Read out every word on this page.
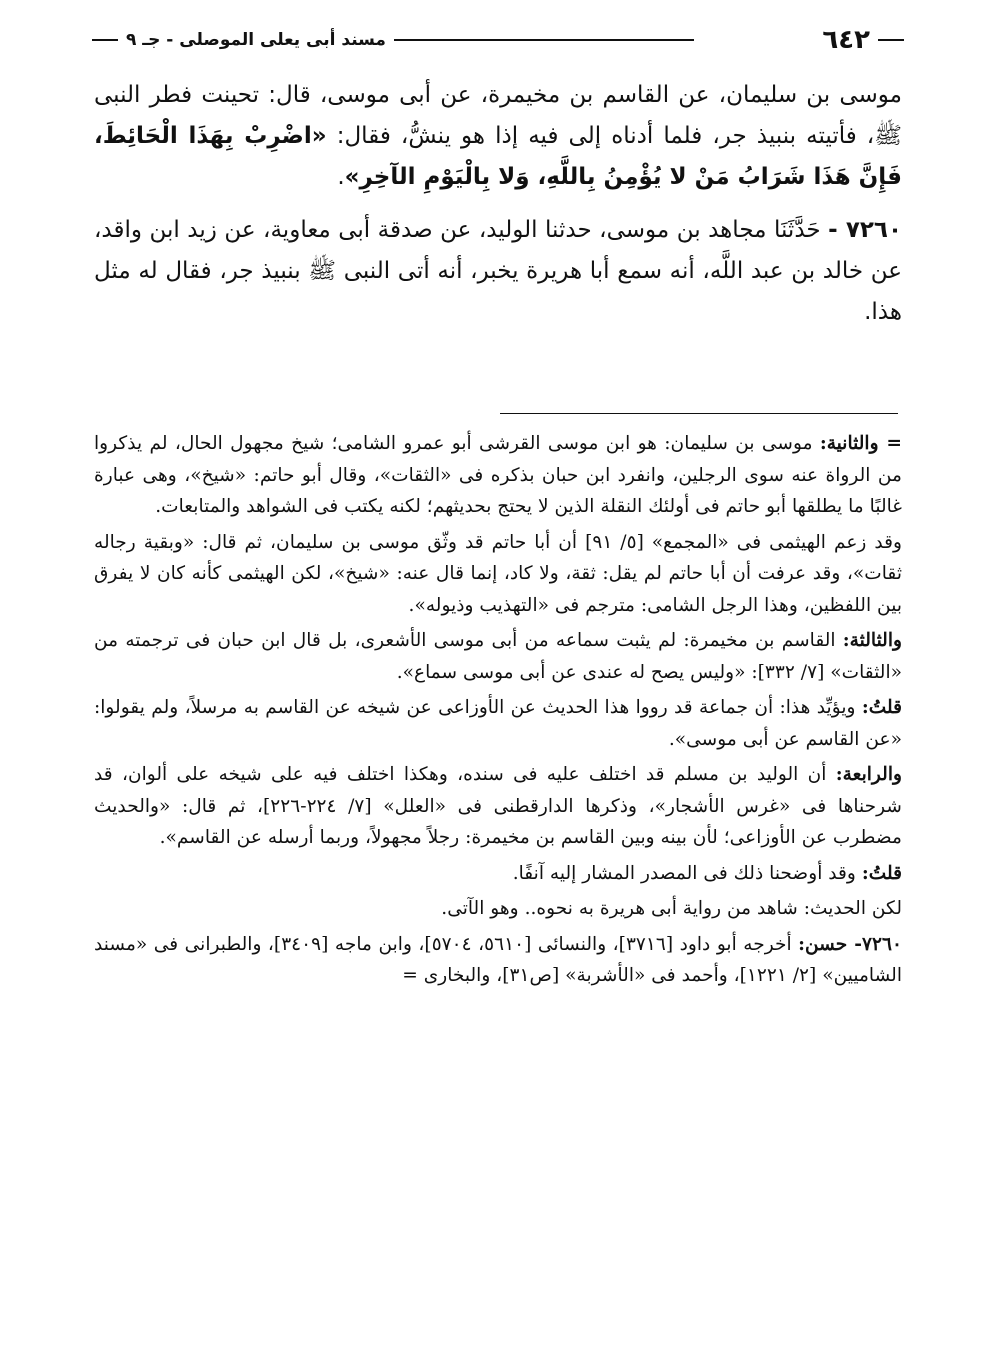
مسند أبى يعلى الموصلى - جـ ٩	٦٤٢

موسى بن سليمان، عن القاسم بن مخيمرة، عن أبى موسى، قال: تحينت فطر النبى ﷺ، فأتيته بنبيذ جر، فلما أدناه إلى فيه إذا هو ينشُّ، فقال: «اضْرِبْ بِهَذَا الْحَائِطَ، فَإِنَّ هَذَا شَرَابُ مَنْ لا يُؤْمِنُ بِاللَّهِ، وَلا بِالْيَوْمِ الآخِرِ».

٧٢٦٠ - حَدَّثَنَا مجاهد بن موسى، حدثنا الوليد، عن صدقة أبى معاوية، عن زيد ابن واقد، عن خالد بن عبد اللَّه، أنه سمع أبا هريرة يخبر، أنه أتى النبى ﷺ بنبيذ جر، فقال له مثل هذا.

= والثانية: موسى بن سليمان: هو ابن موسى القرشى أبو عمرو الشامى؛ شيخ مجهول الحال، لم يذكروا من الرواة عنه سوى الرجلين، وانفرد ابن حبان بذكره فى «الثقات»، وقال أبو حاتم: «شيخ»، وهى عبارة غالبًا ما يطلقها أبو حاتم فى أولئك النقلة الذين لا يحتج بحديثهم؛ لكنه يكتب فى الشواهد والمتابعات.

وقد زعم الهيثمى فى «المجمع» [٥/ ٩١] أن أبا حاتم قد وثّق موسى بن سليمان، ثم قال: «وبقية رجاله ثقات»، وقد عرفت أن أبا حاتم لم يقل: ثقة، ولا كاد، إنما قال عنه: «شيخ»، لكن الهيثمى كأنه كان لا يفرق بين اللفظين، وهذا الرجل الشامى: مترجم فى «التهذيب وذيوله».

والثالثة: القاسم بن مخيمرة: لم يثبت سماعه من أبى موسى الأشعرى، بل قال ابن حبان فى ترجمته من «الثقات» [٧/ ٣٣٢]: «وليس يصح له عندى عن أبى موسى سماع».

قلتُ: ويؤيِّد هذا: أن جماعة قد رووا هذا الحديث عن الأوزاعى عن شيخه عن القاسم به مرسلاً، ولم يقولوا: «عن القاسم عن أبى موسى».

والرابعة: أن الوليد بن مسلم قد اختلف عليه فى سنده، وهكذا اختلف فيه على شيخه على ألوان، قد شرحناها فى «غرس الأشجار»، وذكرها الدارقطنى فى «العلل» [٧/ ٢٢٤-٢٢٦]، ثم قال: «والحديث مضطرب عن الأوزاعى؛ لأن بينه وبين القاسم بن مخيمرة: رجلاً مجهولاً، وربما أرسله عن القاسم».

قلتُ: وقد أوضحنا ذلك فى المصدر المشار إليه آنفًا.

لكن الحديث: شاهد من رواية أبى هريرة به نحوه.. وهو الآتى.

٧٢٦٠- حسن: أخرجه أبو داود [٣٧١٦]، والنسائى [٥٦١٠، ٥٧٠٤]، وابن ماجه [٣٤٠٩]، والطبرانى فى «مسند الشاميين» [٢/ ١٢٢١]، وأحمد فى «الأشربة» [ص٣١]، والبخارى =
